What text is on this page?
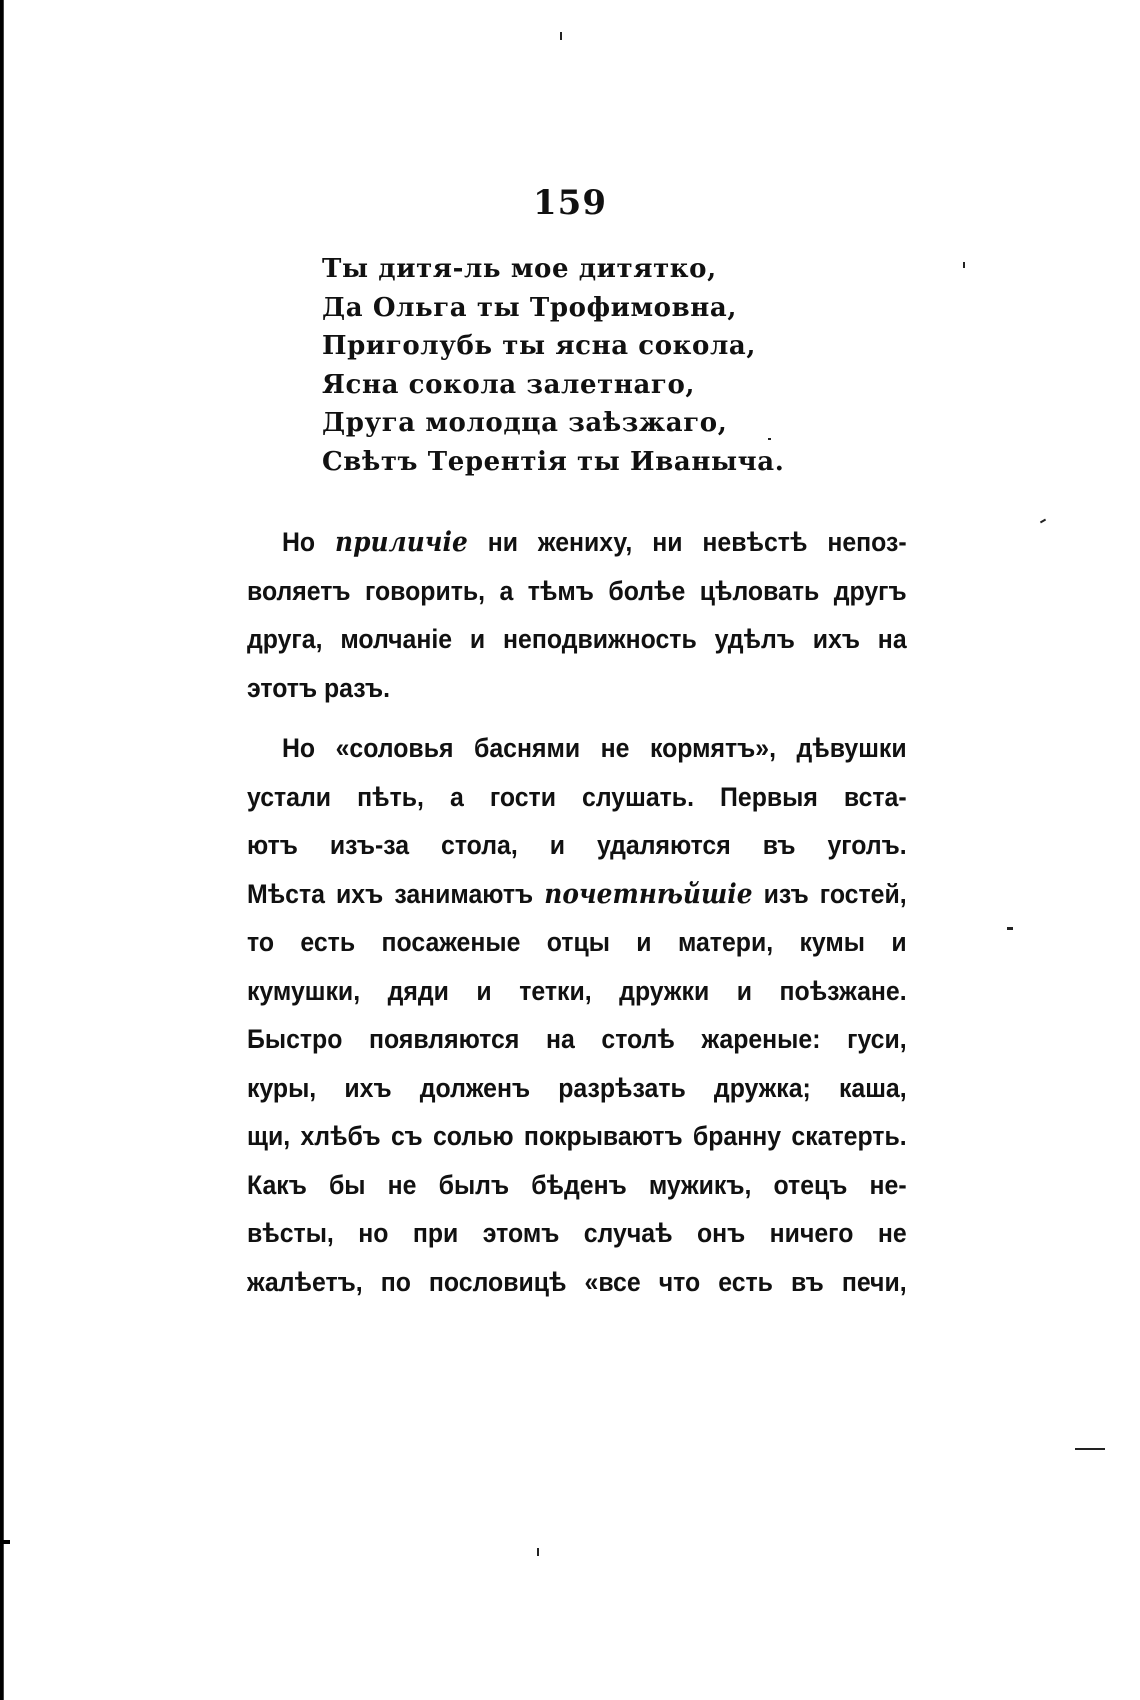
159
Ты дитя-ль мое дитятко,
Да Ольга ты Трофимовна,
Приголубь ты ясна сокола,
Ясна сокола залетнаго,
Друга молодца заѣзжаго,
Свѣтъ Терентія ты Иваныча.
Но приличіе ни жениху, ни невѣстѣ непоз-
воляетъ говорить, а тѣмъ болѣе цѣловать другъ
друга, молчаніе и неподвижность удѣлъ ихъ на
этотъ разъ.
Но «соловья баснями не кормятъ», дѣвушки
устали пѣть, а гости слушать. Первыя вста-
ютъ изъ-за стола, и удаляются въ уголъ.
Мѣста ихъ занимаютъ почетнѣйшіе изъ гостей,
то есть посаженые отцы и матери, кумы и
кумушки, дяди и тетки, дружки и поѣзжане.
Быстро появляются на столѣ жареные: гуси,
куры, ихъ долженъ разрѣзать дружка; каша,
щи, хлѣбъ съ солью покрываютъ бранну скатерть.
Какъ бы не былъ бѣденъ мужикъ, отецъ не-
вѣсты, но при этомъ случаѣ онъ ничего не
жалѣетъ, по пословицѣ «все что есть въ печи,
